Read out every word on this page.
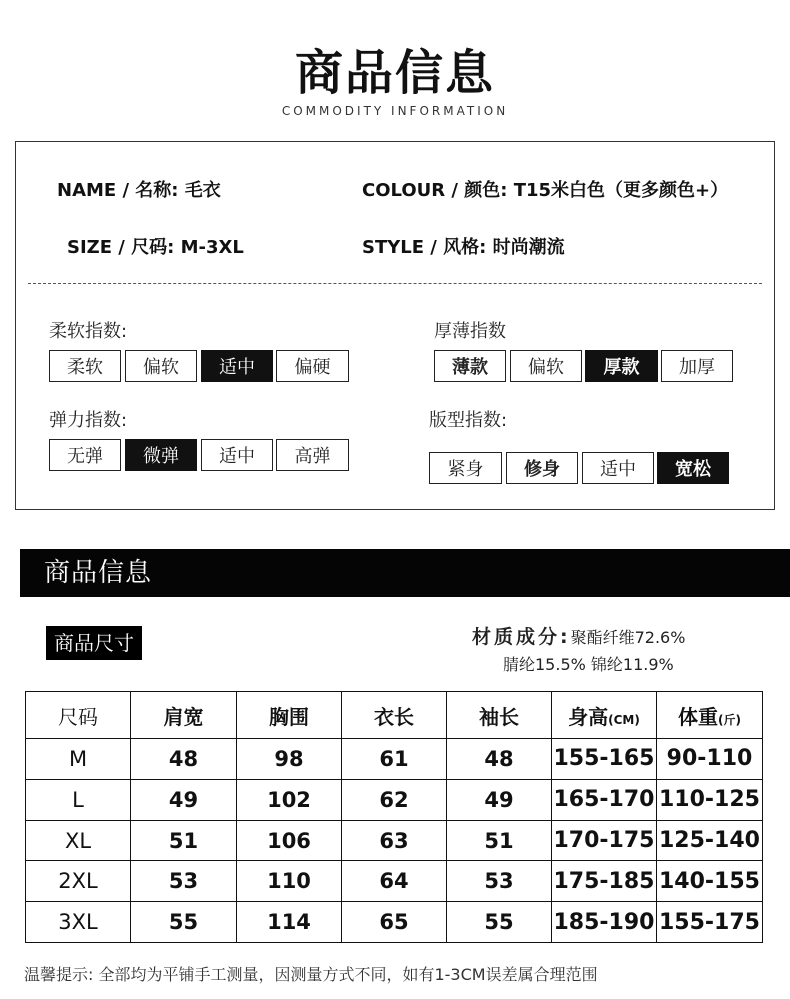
商品信息
COMMODITY INFORMATION
NAME / 名称: 毛衣	COLOUR / 颜色: T15米白色（更多颜色+）
SIZE / 尺码: M-3XL	STYLE / 风格: 时尚潮流
柔软指数:	厚薄指数
弹力指数:	版型指数:
柔软	偏软	适中	偏硬	薄款	偏软	厚款	加厚
无弹	微弹	适中	高弹
紧身	修身	适中	宽松
商品信息
商品尺寸	材质成分:聚酯纤维72.6%
腈纶15.5% 锦纶11.9%
尺码	肩宽	胸围	衣长	袖长	身高(CM)	体重(斤)
M	48	98	61	48	155-165	90-110
L	49	102	62	49	165-170	110-125
XL	51	106	63	51	170-175	125-140
2XL	53	110	64	53	175-185	140-155
3XL	55	114	65	55	185-190	155-175
温馨提示: 全部均为平铺手工测量，因测量方式不同，如有1-3CM误差属合理范围
